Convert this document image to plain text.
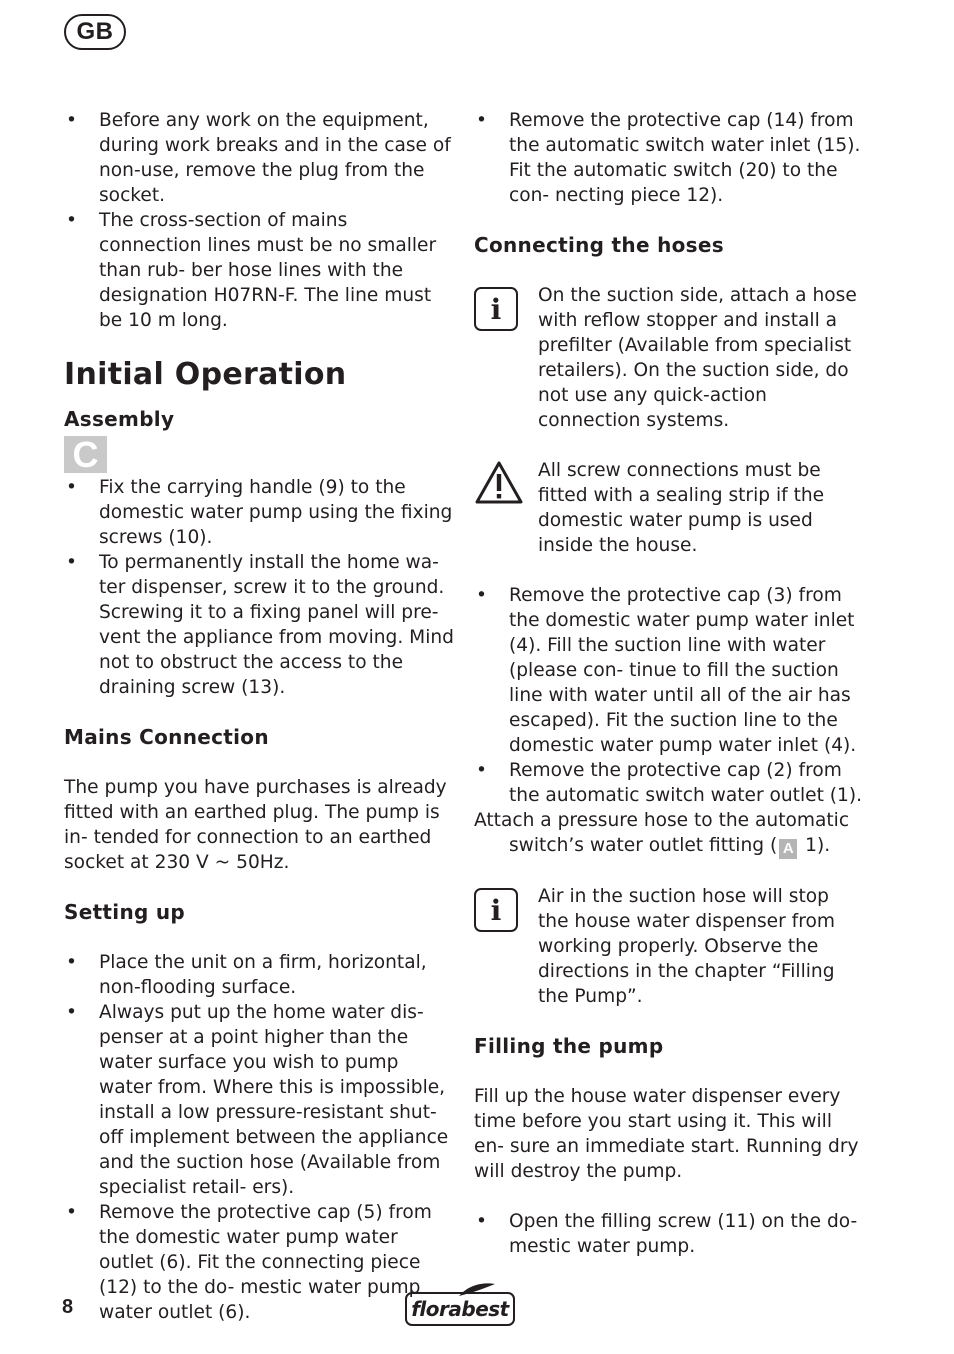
GB
•	Before any work on the equipment, during work breaks and in the case of non-use, remove the plug from the socket.
•	The cross-section of mains connection lines must be no smaller than rub- ber hose lines with the designation H07RN-F. The line must be 10 m long.
Initial Operation
Assembly
C
•	Fix the carrying handle (9) to the domestic water pump using the fixing screws (10).
•	To permanently install the home wa- ter dispenser, screw it to the ground. Screwing it to a fixing panel will pre- vent the appliance from moving. Mind not to obstruct the access to the draining screw (13).
Mains Connection

The pump you have purchases is already fitted with an earthed plug. The pump is in- tended for connection to an earthed socket at 230 V ~ 50Hz.

Setting up
•	Place the unit on a firm, horizontal, non-flooding surface.
•	Always put up the home water dis- penser at a point higher than the water surface you wish to pump water from. Where this is impossible, install a low pressure-resistant shut-off implement between the appliance and the suction hose (Available from specialist retail- ers).
•	Remove the protective cap (5) from the domestic water pump water outlet (6). Fit the connecting piece (12) to the do- mestic water pump water outlet (6).
•	Remove the protective cap (14) from the automatic switch water inlet (15). Fit the automatic switch (20) to the con- necting piece 12).
Connecting the hoses
i	On the suction side, attach a hose with reflow stopper and install a prefilter (Available from specialist retailers). On the suction side, do not use any quick-action connection systems.
All screw connections must be fitted with a sealing strip if the domestic water pump is used inside the house.
•	Remove the protective cap (3) from the domestic water pump water inlet (4). Fill the suction line with water (please con- tinue to fill the suction line with water until all of the air has escaped). Fit the suction line to the domestic water pump water inlet (4).
•	Remove the protective cap (2) from the automatic switch water outlet (1).
Attach a pressure hose to the automatic
switch’s water outlet fitting ( A 1).
i	Air in the suction hose will stop the house water dispenser from working properly. Observe the directions in the chapter “Filling the Pump”.
Filling the pump

Fill up the house water dispenser every time before you start using it. This will en- sure an immediate start. Running dry will destroy the pump.

•	Open the filling screw (11) on the do- mestic water pump.
8	florabest
